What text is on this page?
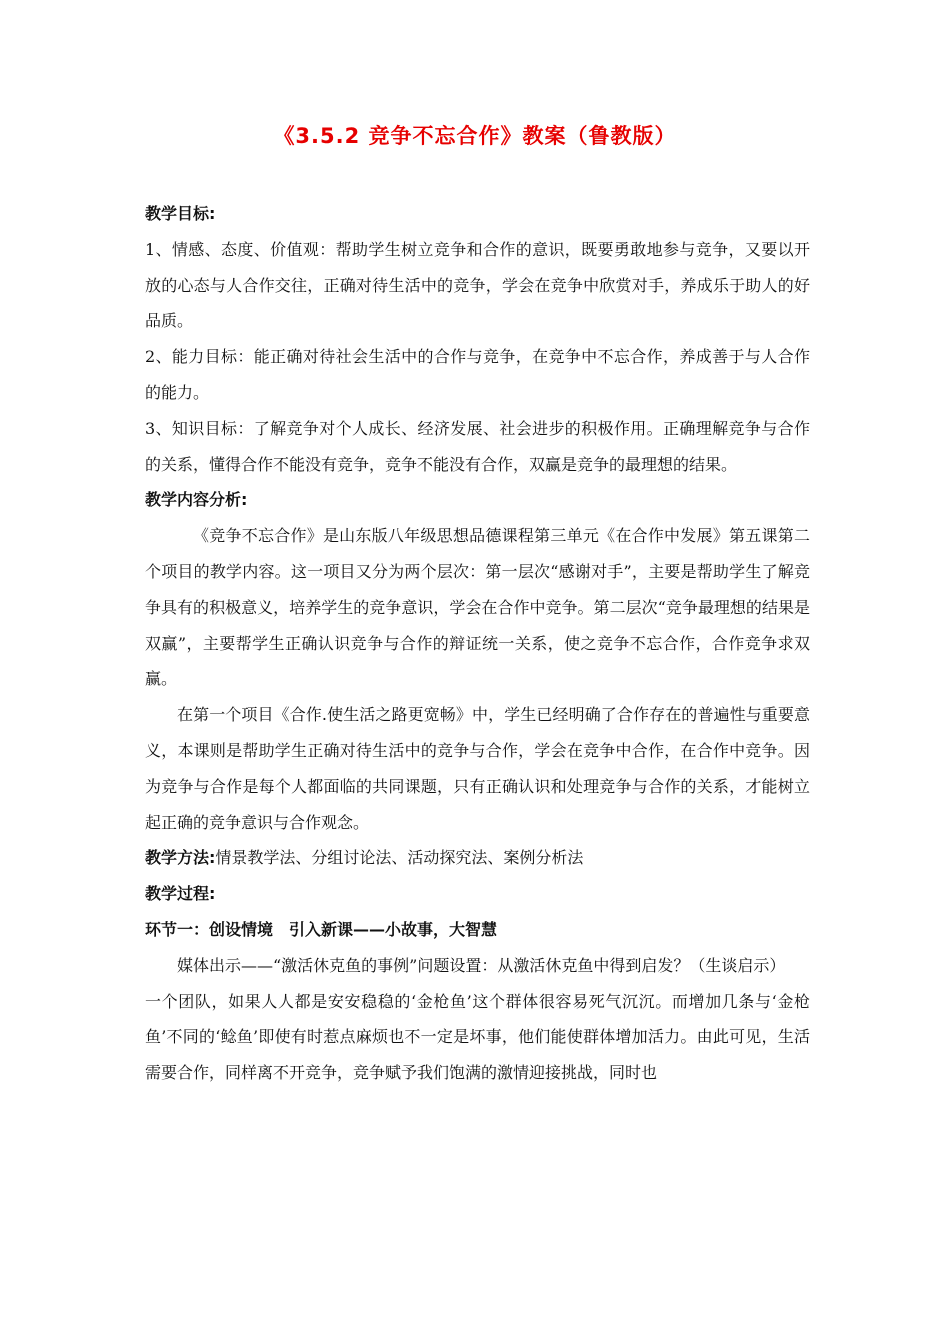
《3.5.2 竞争不忘合作》教案（鲁教版）

教学目标:

1、情感、态度、价值观：帮助学生树立竞争和合作的意识，既要勇敢地参与竞争，又要以开放的心态与人合作交往，正确对待生活中的竞争，学会在竞争中欣赏对手，养成乐于助人的好品质。

2、能力目标：能正确对待社会生活中的合作与竞争，在竞争中不忘合作，养成善于与人合作的能力。

3、知识目标：了解竞争对个人成长、经济发展、社会进步的积极作用。正确理解竞争与合作的关系，懂得合作不能没有竞争，竞争不能没有合作，双赢是竞争的最理想的结果。

教学内容分析:

《竞争不忘合作》是山东版八年级思想品德课程第三单元《在合作中发展》第五课第二个项目的教学内容。这一项目又分为两个层次：第一层次“感谢对手”，主要是帮助学生了解竞争具有的积极意义，培养学生的竞争意识，学会在合作中竞争。第二层次“竞争最理想的结果是双赢”，主要帮学生正确认识竞争与合作的辩证统一关系，使之竞争不忘合作，合作竞争求双赢。

在第一个项目《合作.使生活之路更宽畅》中，学生已经明确了合作存在的普遍性与重要意义，本课则是帮助学生正确对待生活中的竞争与合作，学会在竞争中合作，在合作中竞争。因为竞争与合作是每个人都面临的共同课题，只有正确认识和处理竞争与合作的关系，才能树立起正确的竞争意识与合作观念。

教学方法:情景教学法、分组讨论法、活动探究法、案例分析法

教学过程:

环节一：创设情境　引入新课——小故事，大智慧

媒体出示——“激活休克鱼的事例”问题设置：从激活休克鱼中得到启发？（生谈启示）

一个团队，如果人人都是安安稳稳的‘金枪鱼’这个群体很容易死气沉沉。而增加几条与‘金枪鱼’不同的‘鲶鱼’即使有时惹点麻烦也不一定是坏事，他们能使群体增加活力。由此可见，生活需要合作，同样离不开竞争，竞争赋予我们饱满的激情迎接挑战，同时也
